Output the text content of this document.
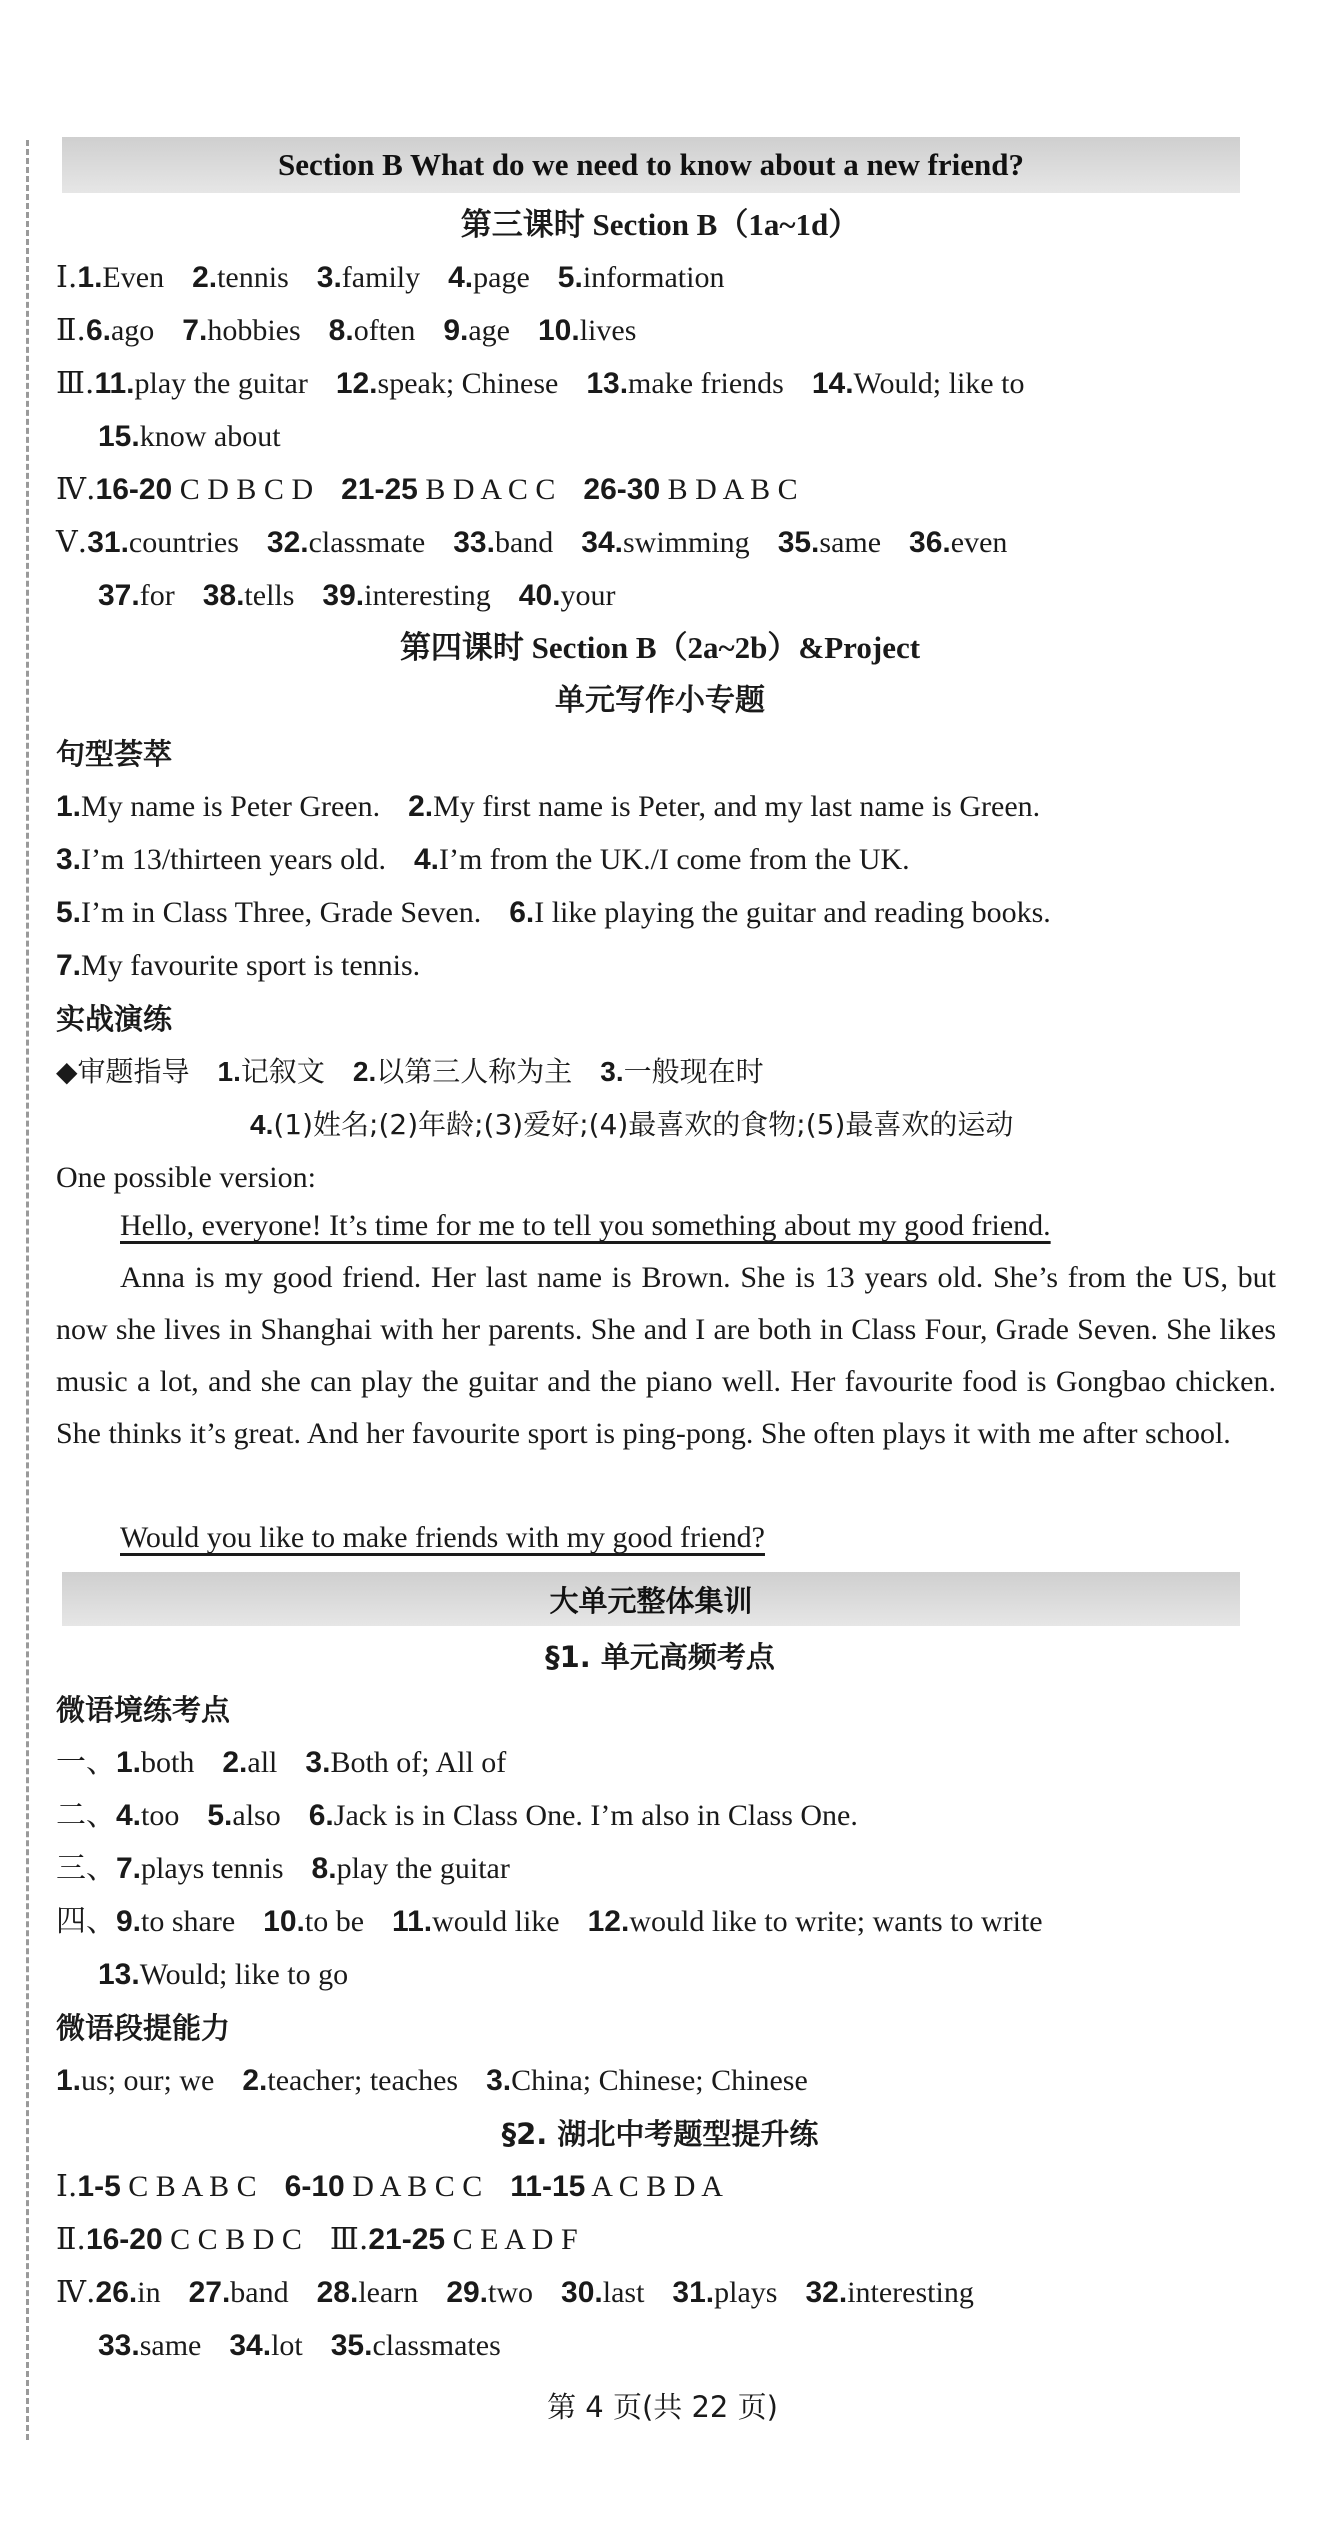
Section B What do we need to know about a new friend?
第三课时 Section B（1a~1d）
Ⅰ.1.Even 2.tennis 3.family 4.page 5.information
Ⅱ.6.ago 7.hobbies 8.often 9.age 10.lives
Ⅲ.11.play the guitar 12.speak; Chinese 13.make friends 14.Would; like to
15.know about
Ⅳ.16-20 C D B C D 21-25 B D A C C 26-30 B D A B C
Ⅴ.31.countries 32.classmate 33.band 34.swimming 35.same 36.even
37.for 38.tells 39.interesting 40.your
第四课时 Section B（2a~2b）&Project
单元写作小专题
句型荟萃
1.My name is Peter Green. 2.My first name is Peter, and my last name is Green.
3.I’m 13/thirteen years old. 4.I’m from the UK./I come from the UK.
5.I’m in Class Three, Grade Seven. 6.I like playing the guitar and reading books.
7.My favourite sport is tennis.
实战演练
◆审题指导 1.记叙文 2.以第三人称为主 3.一般现在时
4.(1)姓名;(2)年龄;(3)爱好;(4)最喜欢的食物;(5)最喜欢的运动
One possible version:
Hello, everyone! It’s time for me to tell you something about my good friend.
Anna is my good friend. Her last name is Brown. She is 13 years old. She’s from the US, but now she lives in Shanghai with her parents. She and I are both in Class Four, Grade Seven. She likes music a lot, and she can play the guitar and the piano well. Her favourite food is Gongbao chicken. She thinks it’s great. And her favourite sport is ping-pong. She often plays it with me after school.
Would you like to make friends with my good friend?
大单元整体集训
§1. 单元高频考点
微语境练考点
一、1.both 2.all 3.Both of; All of
二、4.too 5.also 6.Jack is in Class One. I’m also in Class One.
三、7.plays tennis 8.play the guitar
四、9.to share 10.to be 11.would like 12.would like to write; wants to write
13.Would; like to go
微语段提能力
1.us; our; we 2.teacher; teaches 3.China; Chinese; Chinese
§2. 湖北中考题型提升练
Ⅰ.1-5 C B A B C 6-10 D A B C C 11-15 A C B D A
Ⅱ.16-20 C C B D C Ⅲ.21-25 C E A D F
Ⅳ.26.in 27.band 28.learn 29.two 30.last 31.plays 32.interesting
33.same 34.lot 35.classmates
第 4 页(共 22 页)
